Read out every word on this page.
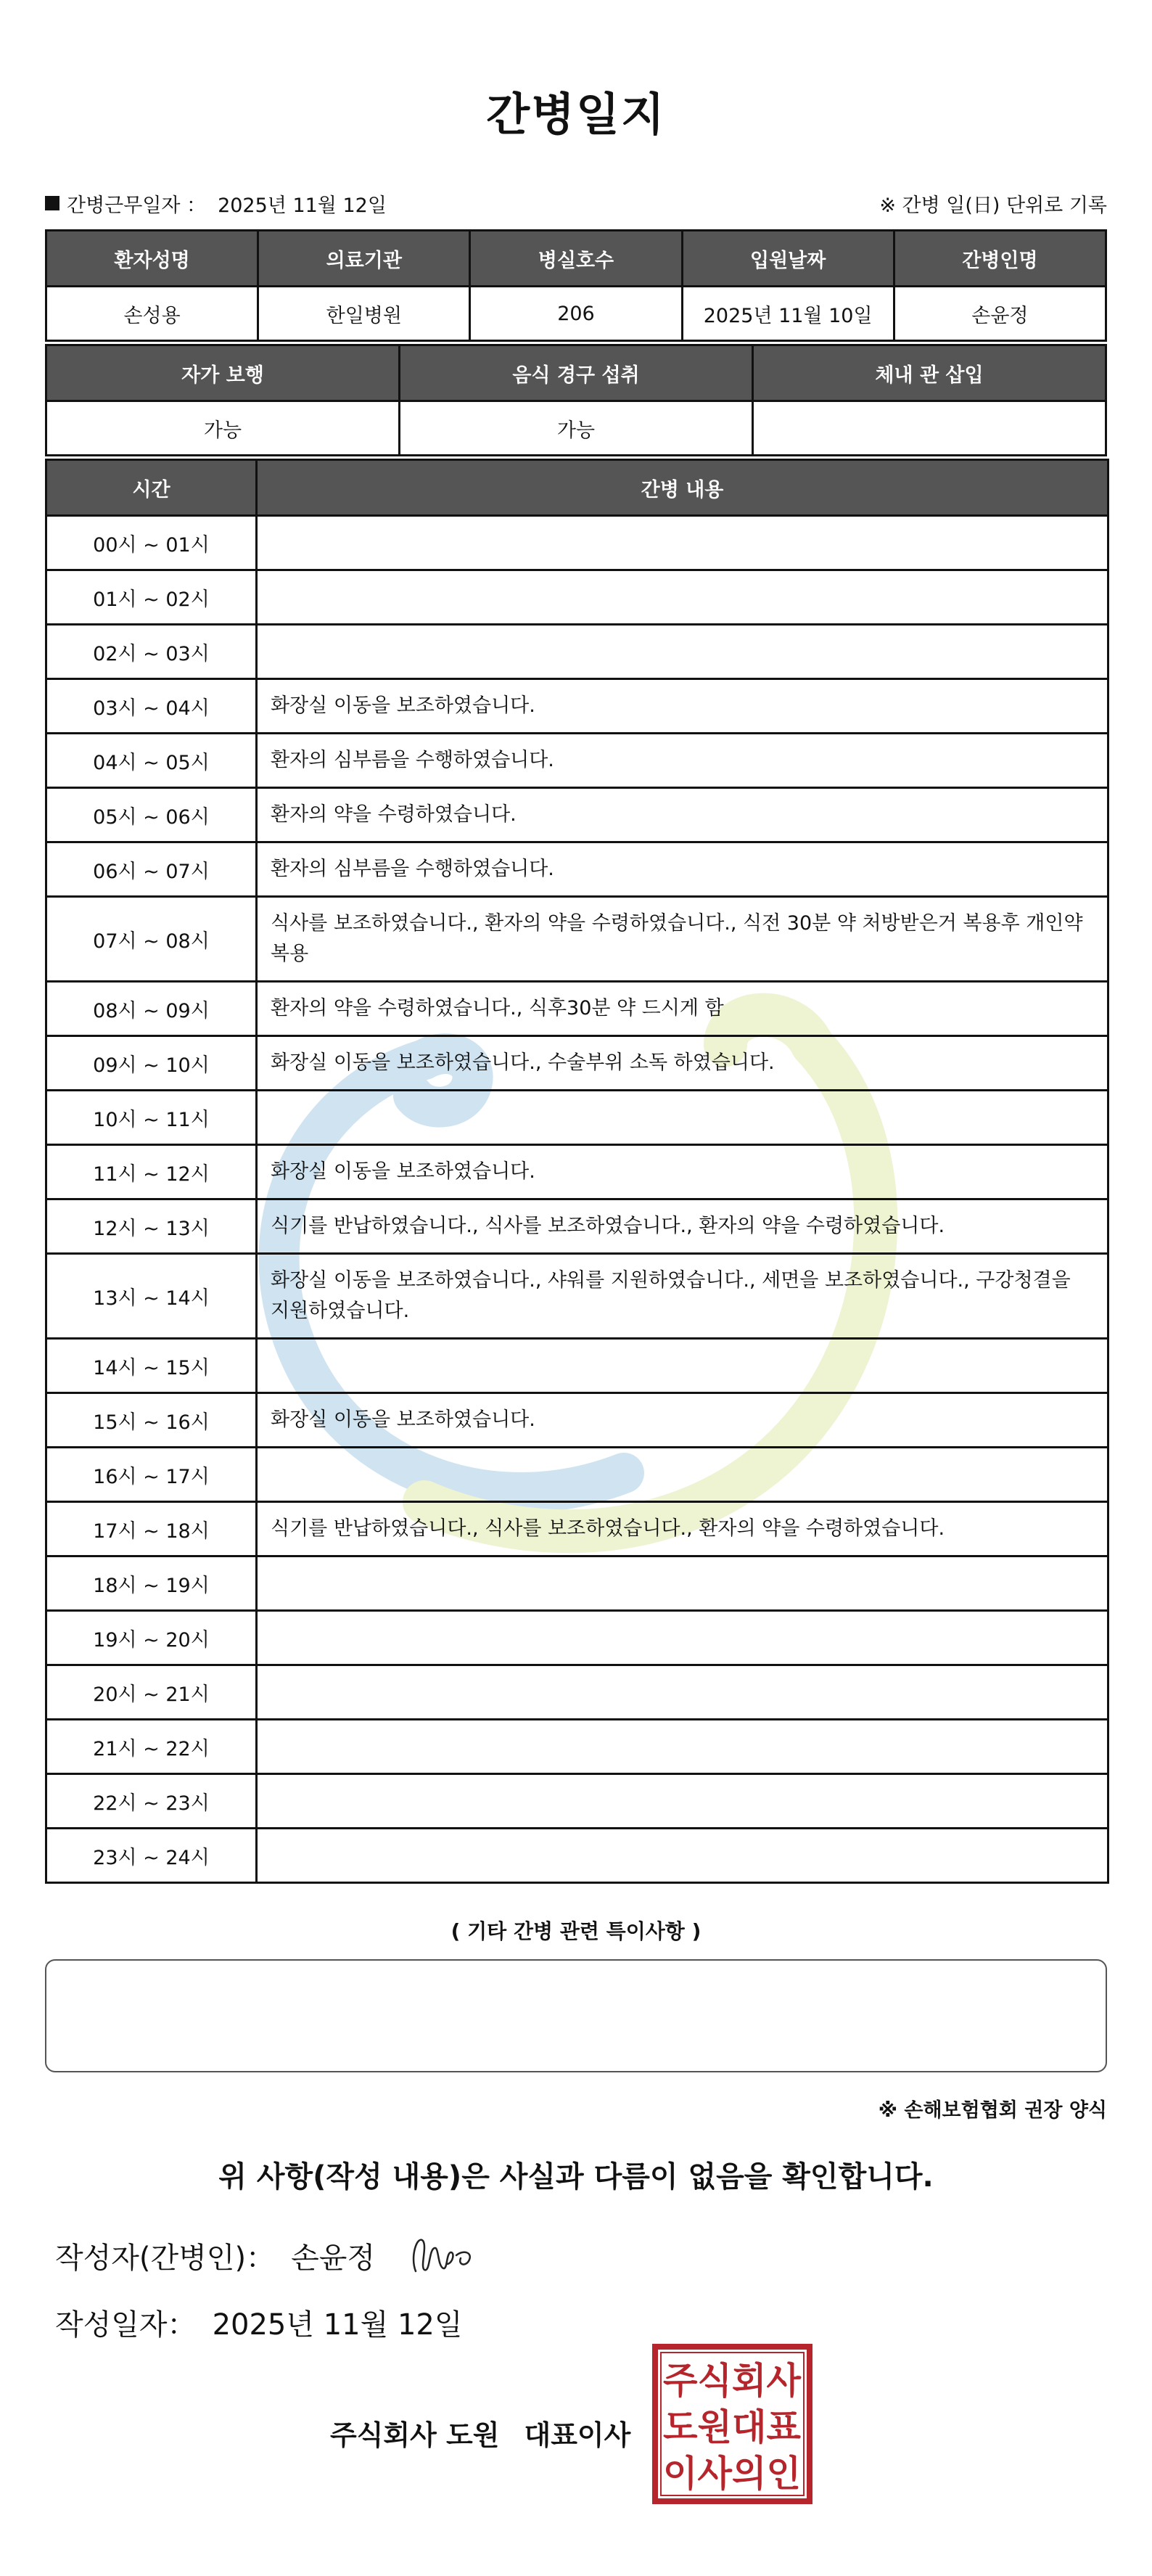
간병일지
간병근무일자 ： 2025년 11월 12일	※ 간병 일(日) 단위로 기록
환자성명	의료기관	병실호수	입원날짜	간병인명
손성용	한일병원	206	2025년 11월 10일	손윤정
자가 보행	음식 경구 섭취	체내 관 삽입
가능	가능	
시간	간병 내용
00시 ~ 01시	
01시 ~ 02시	
02시 ~ 03시	
03시 ~ 04시	화장실 이동을 보조하였습니다.
04시 ~ 05시	환자의 심부름을 수행하였습니다.
05시 ~ 06시	환자의 약을 수령하였습니다.
06시 ~ 07시	환자의 심부름을 수행하였습니다.
07시 ~ 08시	식사를 보조하였습니다., 환자의 약을 수령하였습니다., 식전 30분 약 처방받은거 복용후 개인약 복용
08시 ~ 09시	환자의 약을 수령하였습니다., 식후30분 약 드시게 함
09시 ~ 10시	화장실 이동을 보조하였습니다., 수술부위 소독 하였습니다.
10시 ~ 11시	
11시 ~ 12시	화장실 이동을 보조하였습니다.
12시 ~ 13시	식기를 반납하였습니다., 식사를 보조하였습니다., 환자의 약을 수령하였습니다.
13시 ~ 14시	화장실 이동을 보조하였습니다., 샤워를 지원하였습니다., 세면을 보조하였습니다., 구강청결을 지원하였습니다.
14시 ~ 15시	
15시 ~ 16시	화장실 이동을 보조하였습니다.
16시 ~ 17시	
17시 ~ 18시	식기를 반납하였습니다., 식사를 보조하였습니다., 환자의 약을 수령하였습니다.
18시 ~ 19시	
19시 ~ 20시	
20시 ~ 21시	
21시 ~ 22시	
22시 ~ 23시	
23시 ~ 24시	
( 기타 간병 관련 특이사항 )
※ 손해보험협회 권장 양식
위 사항(작성 내용)은 사실과 다름이 없음을 확인합니다.
작성자(간병인)： 손윤정
작성일자： 2025년 11월 12일
주식회사 도원 대표이사
주식회사
도원대표
이사의인
